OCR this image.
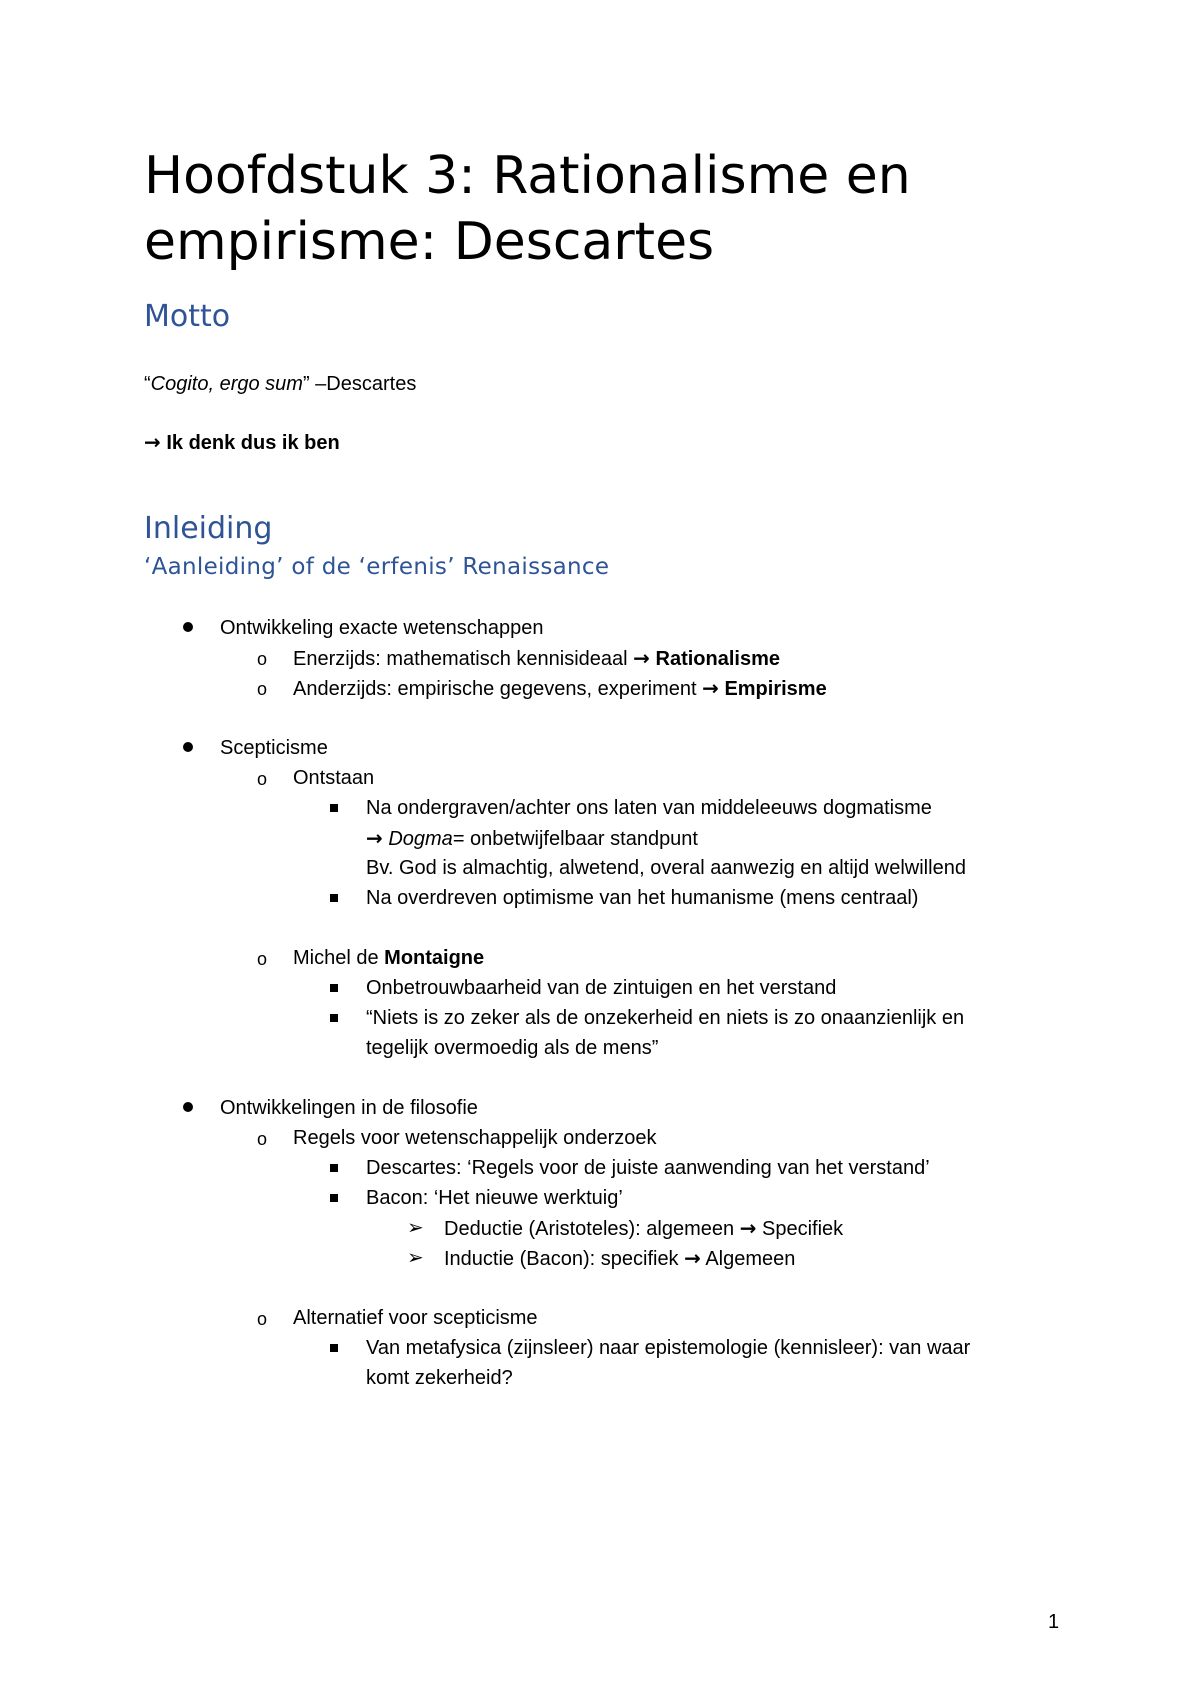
Hoofdstuk 3: Rationalisme en
empirisme: Descartes
Motto
“Cogito, ergo sum” –Descartes
→ Ik denk dus ik ben
Inleiding
‘Aanleiding’ of de ‘erfenis’ Renaissance
Ontwikkeling exacte wetenschappen
o Enerzijds: mathematisch kennisideaal → Rationalisme
o Anderzijds: empirische gegevens, experiment → Empirisme
Scepticisme
o Ontstaan
Na ondergraven/achter ons laten van middeleeuws dogmatisme
→ Dogma= onbetwijfelbaar standpunt
Bv. God is almachtig, alwetend, overal aanwezig en altijd welwillend
Na overdreven optimisme van het humanisme (mens centraal)
o Michel de Montaigne
Onbetrouwbaarheid van de zintuigen en het verstand
“Niets is zo zeker als de onzekerheid en niets is zo onaanzienlijk en
tegelijk overmoedig als de mens”
Ontwikkelingen in de filosofie
o Regels voor wetenschappelijk onderzoek
Descartes: ‘Regels voor de juiste aanwending van het verstand’
Bacon: ‘Het nieuwe werktuig’
➢ Deductie (Aristoteles): algemeen → Specifiek
➢ Inductie (Bacon): specifiek → Algemeen
o Alternatief voor scepticisme
Van metafysica (zijnsleer) naar epistemologie (kennisleer): van waar
komt zekerheid?
1
